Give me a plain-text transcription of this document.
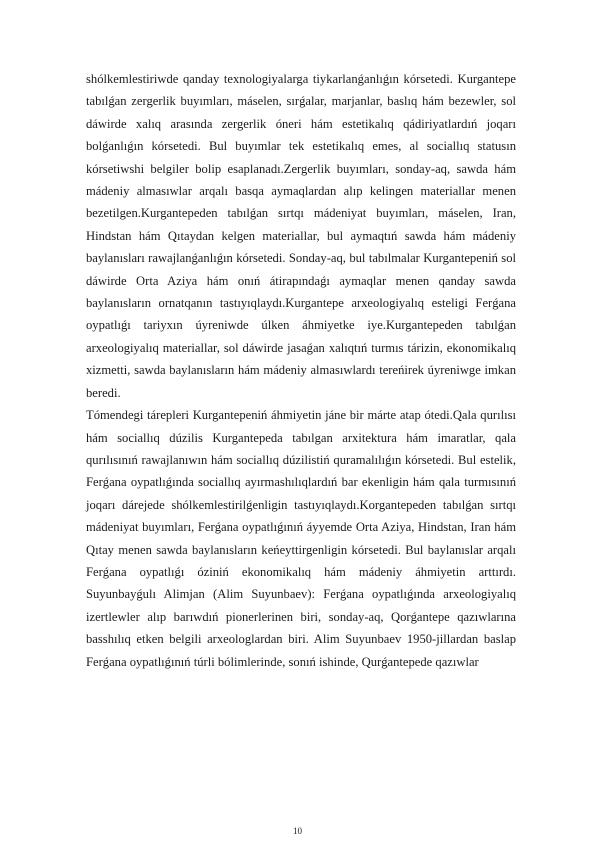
shólkemlestiriwde qanday texnologiyalarga tiykarlanǵanlıǵın kórsetedi. Kurgantepe tabılǵan zergerlik buyımları, máselen, sırǵalar, marjanlar, baslıq hám bezewler, sol dáwirde xalıq arasında zergerlik óneri hám estetikalıq qádiriyatlardıń joqarı bolǵanlıǵın kórsetedi. Bul buyımlar tek estetikalıq emes, al sociallıq statusın kórsetiwshi belgiler bolip esaplanadı.Zergerlik buyımları, sonday-aq, sawda hám mádeniy almasıwlar arqalı basqa aymaqlardan alıp kelingen materiallar menen bezetilgen.Kurgantepeden tabılǵan sırtqı mádeniyat buyımları, máselen, Iran, Hindstan hám Qıtaydan kelgen materiallar, bul aymaqtıń sawda hám mádeniy baylanısları rawajlanǵanlıǵın kórsetedi. Sonday-aq, bul tabılmalar Kurgantepeniń sol dáwirde Orta Aziya hám onıń átirapındaǵı aymaqlar menen qanday sawda baylanısların ornatqanın tastıyıqlaydı.Kurgantepe arxeologiyalıq esteligi Ferǵana oypatlıǵı tariyxın úyreniwde úlken áhmiyetke iye.Kurgantepeden tabılǵan arxeologiyalıq materiallar, sol dáwirde jasaǵan xalıqtıń turmıs tárizin, ekonomikalıq xizmetti, sawda baylanısların hám mádeniy almasıwlardı tereńirek úyreniwge imkan beredi.

Tómendegi tárepleri Kurgantepeniń áhmiyetin jáne bir márte atap ótedi.Qala qurılısı hám sociallıq dúzilis Kurgantepeda tabılgan arxitektura hám imaratlar, qala qurılısınıń rawajlanıwın hám sociallıq dúzilistiń quramalılıǵın kórsetedi. Bul estelik, Ferǵana oypatlıǵında sociallıq ayırmashılıqlardıń bar ekenligin hám qala turmısınıń joqarı dárejede shólkemlestirilǵenligin tastıyıqlaydı.Korgantepeden tabılǵan sırtqı mádeniyat buyımları, Ferǵana oypatlıǵınıń áyyemde Orta Aziya, Hindstan, Iran hám Qıtay menen sawda baylanısların keńeyttirgenligin kórsetedi. Bul baylanıslar arqalı Ferǵana oypatlıǵı óziniń ekonomikalıq hám mádeniy áhmiyetin arttırdı. Suyunbayǵulı Alimjan (Alim Suyunbaev): Ferǵana oypatlıǵında arxeologiyalıq izertlewler alıp barıwdıń pionerlerinen biri, sonday-aq, Qorǵantepe qazıwlarına basshılıq etken belgili arxeologlardan biri. Alim Suyunbaev 1950-jillardan baslap Ferǵana oypatlıǵınıń túrli bólimlerinde, sonıń ishinde, Qurǵantepede qazıwlar

10
